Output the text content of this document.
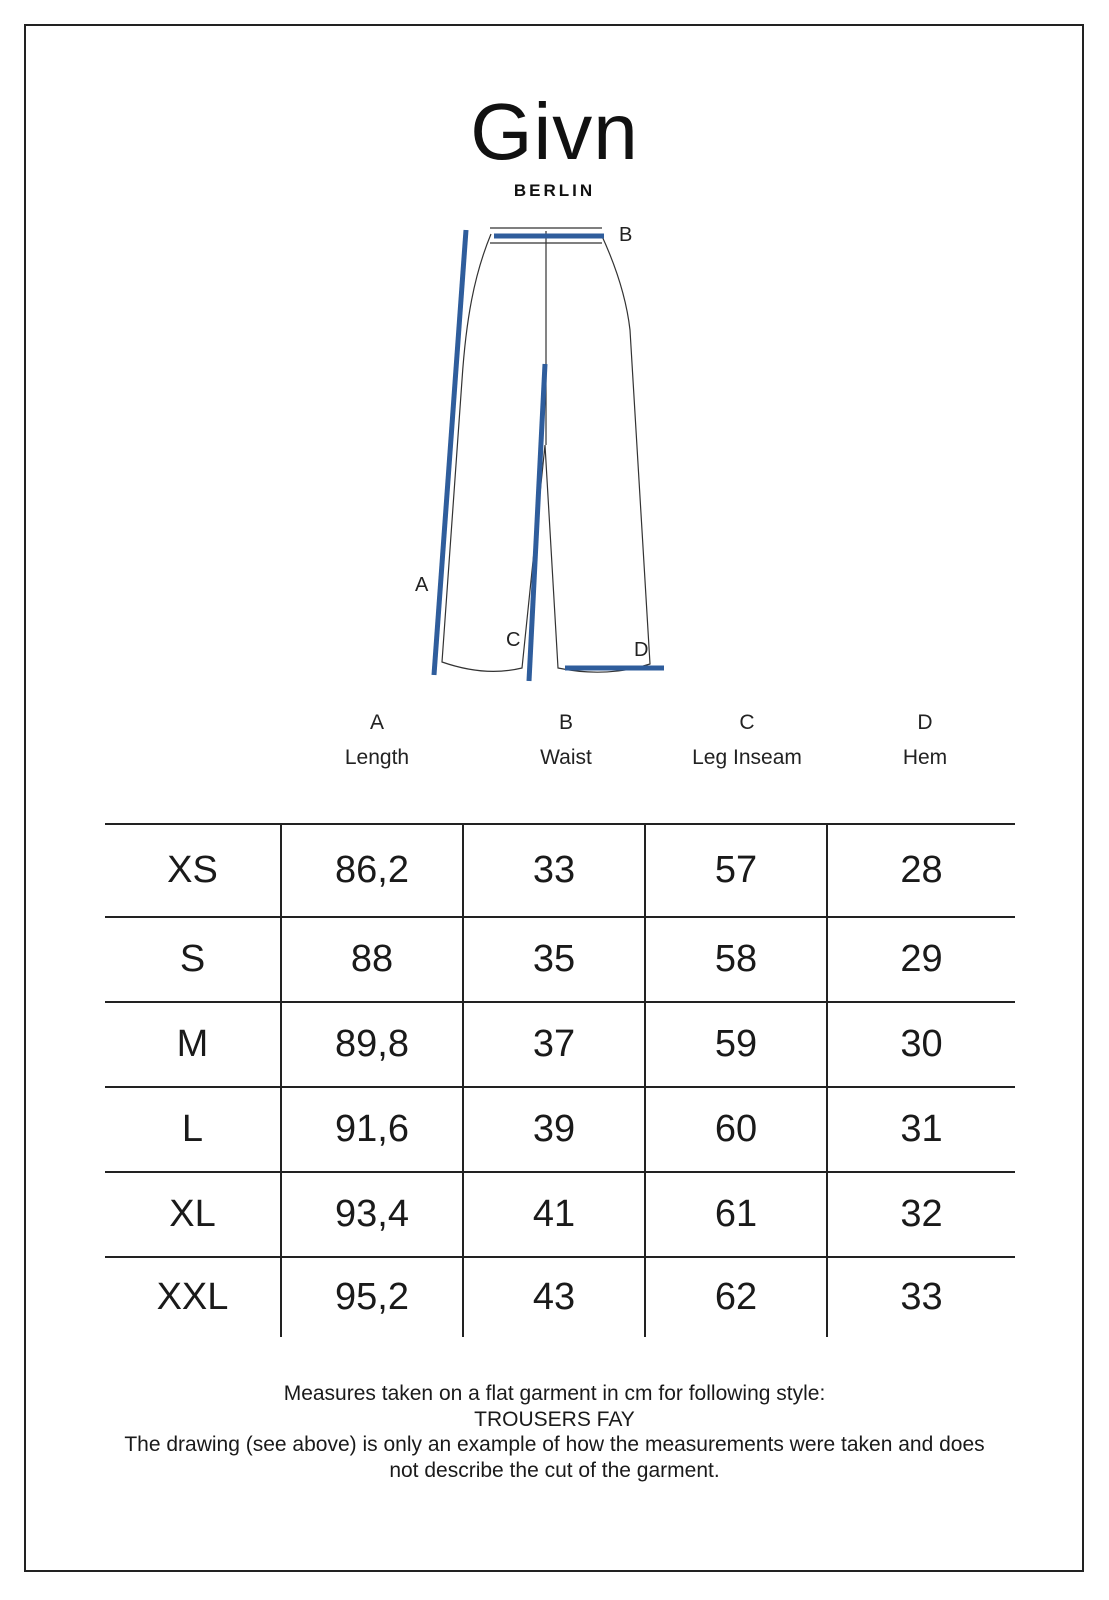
Givn
BERLIN
A
B
C	D
A
Length
B
Waist
C
Leg Inseam
D
Hem
XS	86,2	33	57	28
S	88	35	58	29
M	89,8	37	59	30
L	91,6	39	60	31
XL	93,4	41	61	32
XXL	95,2	43	62	33
Measures taken on a flat garment in cm for following style:
TROUSERS FAY
The drawing (see above) is only an example of how the measurements were taken and does
not describe the cut of the garment.
